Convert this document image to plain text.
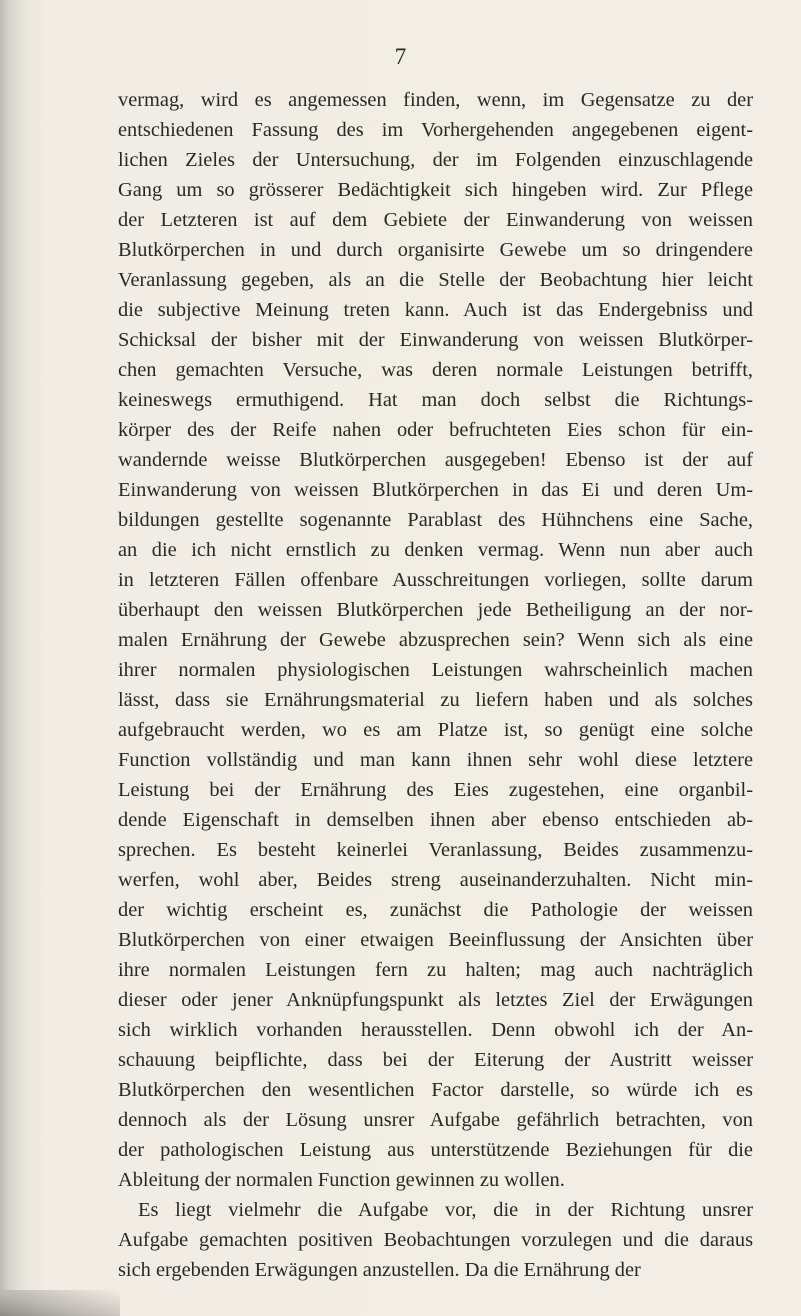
7
vermag, wird es angemessen finden, wenn, im Gegensatze zu der
entschiedenen Fassung des im Vorhergehenden angegebenen eigent-
lichen Zieles der Untersuchung, der im Folgenden einzuschlagende
Gang um so grösserer Bedächtigkeit sich hingeben wird. Zur Pflege
der Letzteren ist auf dem Gebiete der Einwanderung von weissen
Blutkörperchen in und durch organisirte Gewebe um so dringendere
Veranlassung gegeben, als an die Stelle der Beobachtung hier leicht
die subjective Meinung treten kann. Auch ist das Endergebniss und
Schicksal der bisher mit der Einwanderung von weissen Blutkörper-
chen gemachten Versuche, was deren normale Leistungen betrifft,
keineswegs ermuthigend. Hat man doch selbst die Richtungs-
körper des der Reife nahen oder befruchteten Eies schon für ein-
wandernde weisse Blutkörperchen ausgegeben! Ebenso ist der auf
Einwanderung von weissen Blutkörperchen in das Ei und deren Um-
bildungen gestellte sogenannte Parablast des Hühnchens eine Sache,
an die ich nicht ernstlich zu denken vermag. Wenn nun aber auch
in letzteren Fällen offenbare Ausschreitungen vorliegen, sollte darum
überhaupt den weissen Blutkörperchen jede Betheiligung an der nor-
malen Ernährung der Gewebe abzusprechen sein? Wenn sich als eine
ihrer normalen physiologischen Leistungen wahrscheinlich machen
lässt, dass sie Ernährungsmaterial zu liefern haben und als solches
aufgebraucht werden, wo es am Platze ist, so genügt eine solche
Function vollständig und man kann ihnen sehr wohl diese letztere
Leistung bei der Ernährung des Eies zugestehen, eine organbil-
dende Eigenschaft in demselben ihnen aber ebenso entschieden ab-
sprechen. Es besteht keinerlei Veranlassung, Beides zusammenzu-
werfen, wohl aber, Beides streng auseinanderzuhalten. Nicht min-
der wichtig erscheint es, zunächst die Pathologie der weissen
Blutkörperchen von einer etwaigen Beeinflussung der Ansichten über
ihre normalen Leistungen fern zu halten; mag auch nachträglich
dieser oder jener Anknüpfungspunkt als letztes Ziel der Erwägungen
sich wirklich vorhanden herausstellen. Denn obwohl ich der An-
schauung beipflichte, dass bei der Eiterung der Austritt weisser
Blutkörperchen den wesentlichen Factor darstelle, so würde ich es
dennoch als der Lösung unsrer Aufgabe gefährlich betrachten, von
der pathologischen Leistung aus unterstützende Beziehungen für die
Ableitung der normalen Function gewinnen zu wollen.
Es liegt vielmehr die Aufgabe vor, die in der Richtung unsrer
Aufgabe gemachten positiven Beobachtungen vorzulegen und die daraus
sich ergebenden Erwägungen anzustellen. Da die Ernährung der
